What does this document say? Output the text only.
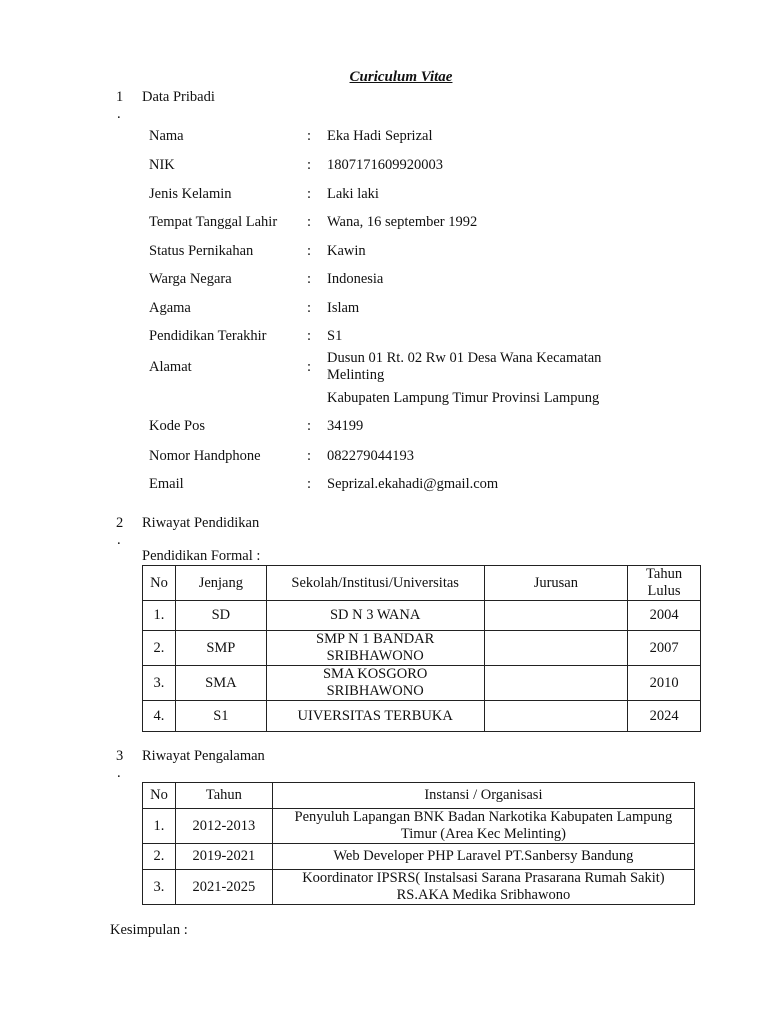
Curiculum Vitae
1
.
Data Pribadi
Nama	: Eka Hadi Seprizal
NIK	: 1807171609920003
Jenis Kelamin	: Laki laki
Tempat Tanggal Lahir : Wana, 16 september 1992
Status Pernikahan	: Kawin
Warga Negara	: Indonesia
Agama	: Islam
Pendidikan Terakhir	: S1
Alamat	:
Dusun 01 Rt. 02 Rw 01 Desa Wana Kecamatan
Melinting
Kabupaten Lampung Timur Provinsi Lampung
Kode Pos	: 34199
Nomor Handphone	: 082279044193
Email	: Seprizal.ekahadi@gmail.com
2
.
Riwayat Pendidikan
Pendidikan Formal :
No	Jenjang	Sekolah/Institusi/Universitas	Jurusan	Tahun
Lulus

1.	SD	SD N 3 WANA		2004
2.	SMP	SMP N 1 BANDAR
SRIBHAWONO		2007
3.	SMA	SMA KOSGORO
SRIBHAWONO		2010
4.	S1	UIVERSITAS TERBUKA		2024
3
.
Riwayat Pengalaman
No	Tahun	Instansi / Organisasi
1.	2012-2013	Penyuluh Lapangan BNK Badan Narkotika Kabupaten Lampung
Timur (Area Kec Melinting)

2.	2019-2021	Web Developer PHP Laravel PT.Sanbersy Bandung

3.	2021-2025	Koordinator IPSRS( Instalsasi Sarana Prasarana Rumah Sakit)
RS.AKA Medika Sribhawono
Kesimpulan :
